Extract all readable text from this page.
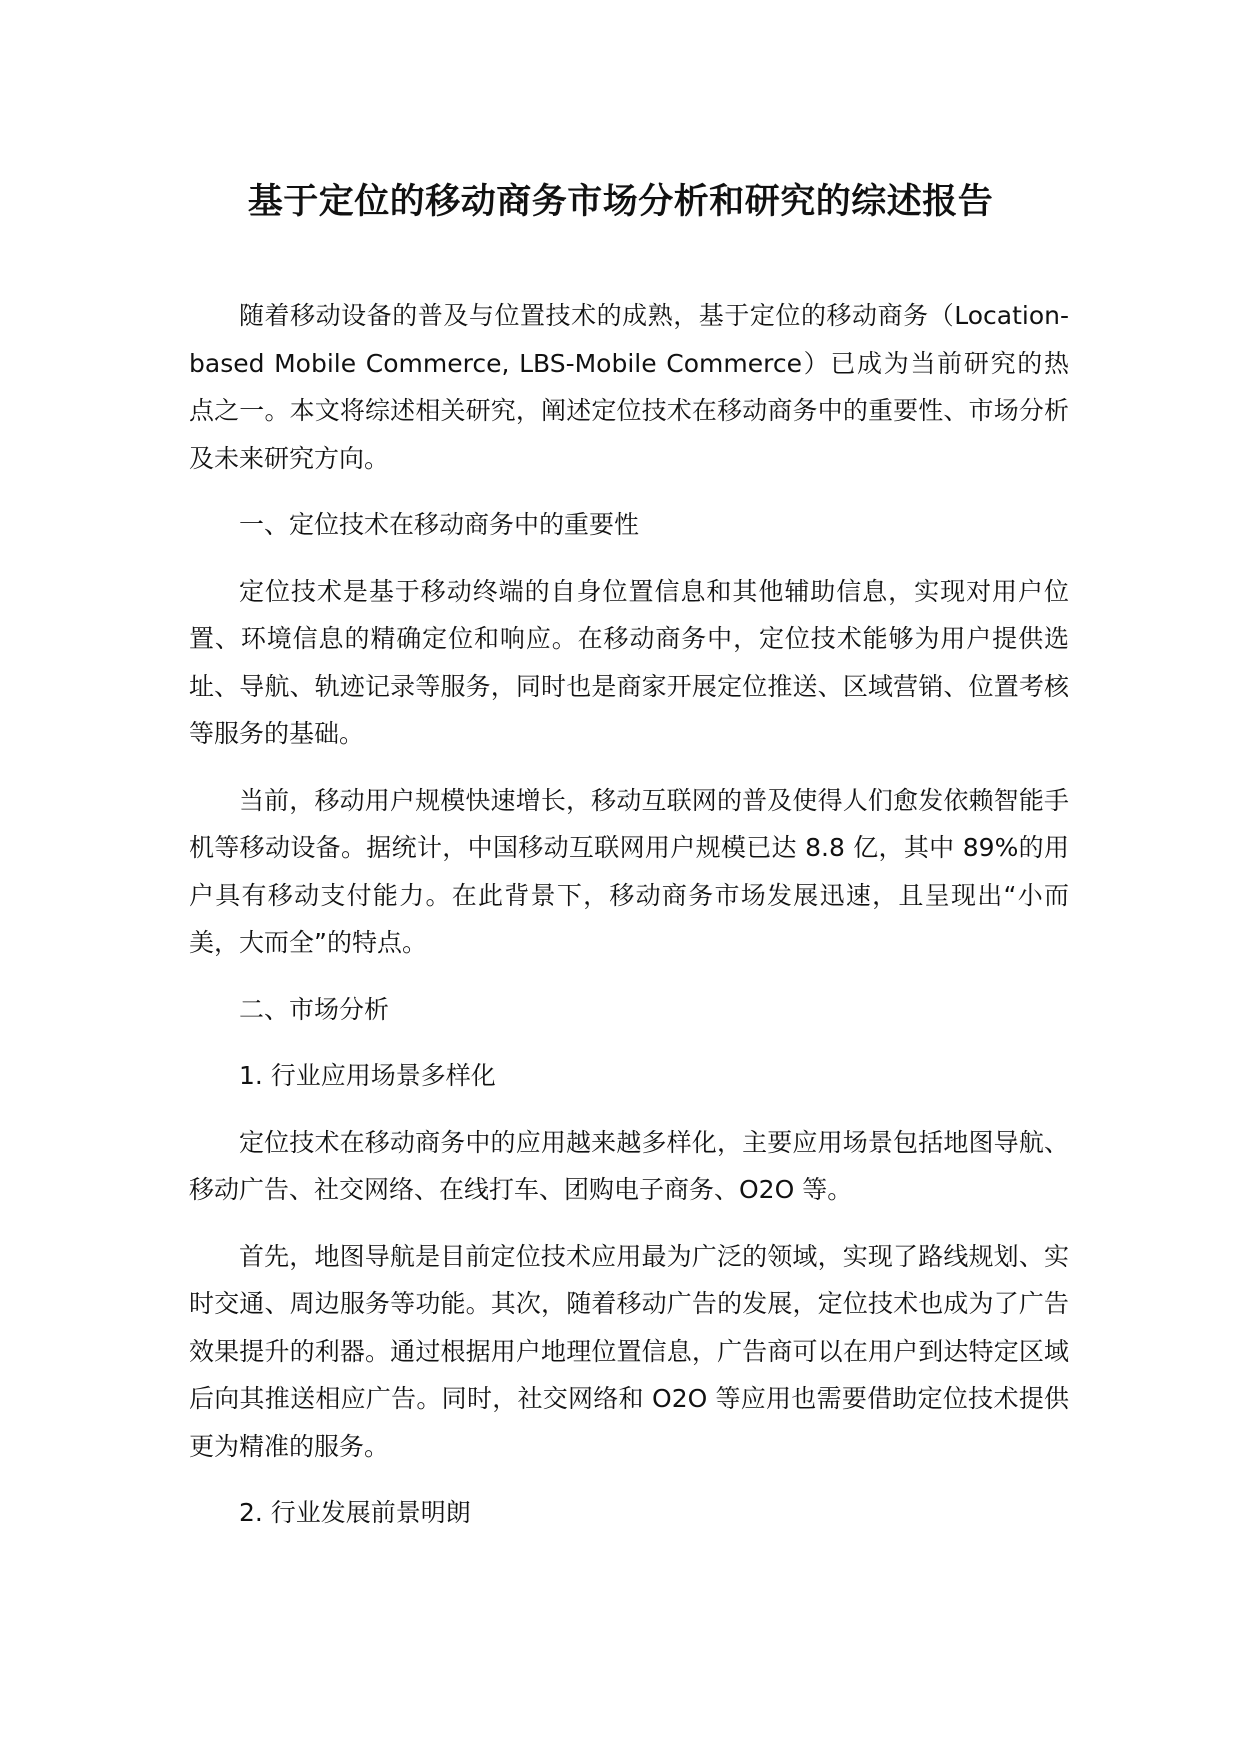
基于定位的移动商务市场分析和研究的综述报告

随着移动设备的普及与位置技术的成熟，基于定位的移动商务（Location-based Mobile Commerce, LBS-Mobile Commerce）已成为当前研究的热点之一。本文将综述相关研究，阐述定位技术在移动商务中的重要性、市场分析及未来研究方向。

一、定位技术在移动商务中的重要性

定位技术是基于移动终端的自身位置信息和其他辅助信息，实现对用户位置、环境信息的精确定位和响应。在移动商务中，定位技术能够为用户提供选址、导航、轨迹记录等服务，同时也是商家开展定位推送、区域营销、位置考核等服务的基础。

当前，移动用户规模快速增长，移动互联网的普及使得人们愈发依赖智能手机等移动设备。据统计，中国移动互联网用户规模已达 8.8 亿，其中 89%的用户具有移动支付能力。在此背景下，移动商务市场发展迅速，且呈现出“小而美，大而全”的特点。

二、市场分析

1. 行业应用场景多样化

定位技术在移动商务中的应用越来越多样化，主要应用场景包括地图导航、移动广告、社交网络、在线打车、团购电子商务、O2O 等。

首先，地图导航是目前定位技术应用最为广泛的领域，实现了路线规划、实时交通、周边服务等功能。其次，随着移动广告的发展，定位技术也成为了广告效果提升的利器。通过根据用户地理位置信息，广告商可以在用户到达特定区域后向其推送相应广告。同时，社交网络和 O2O 等应用也需要借助定位技术提供更为精准的服务。

2. 行业发展前景明朗
